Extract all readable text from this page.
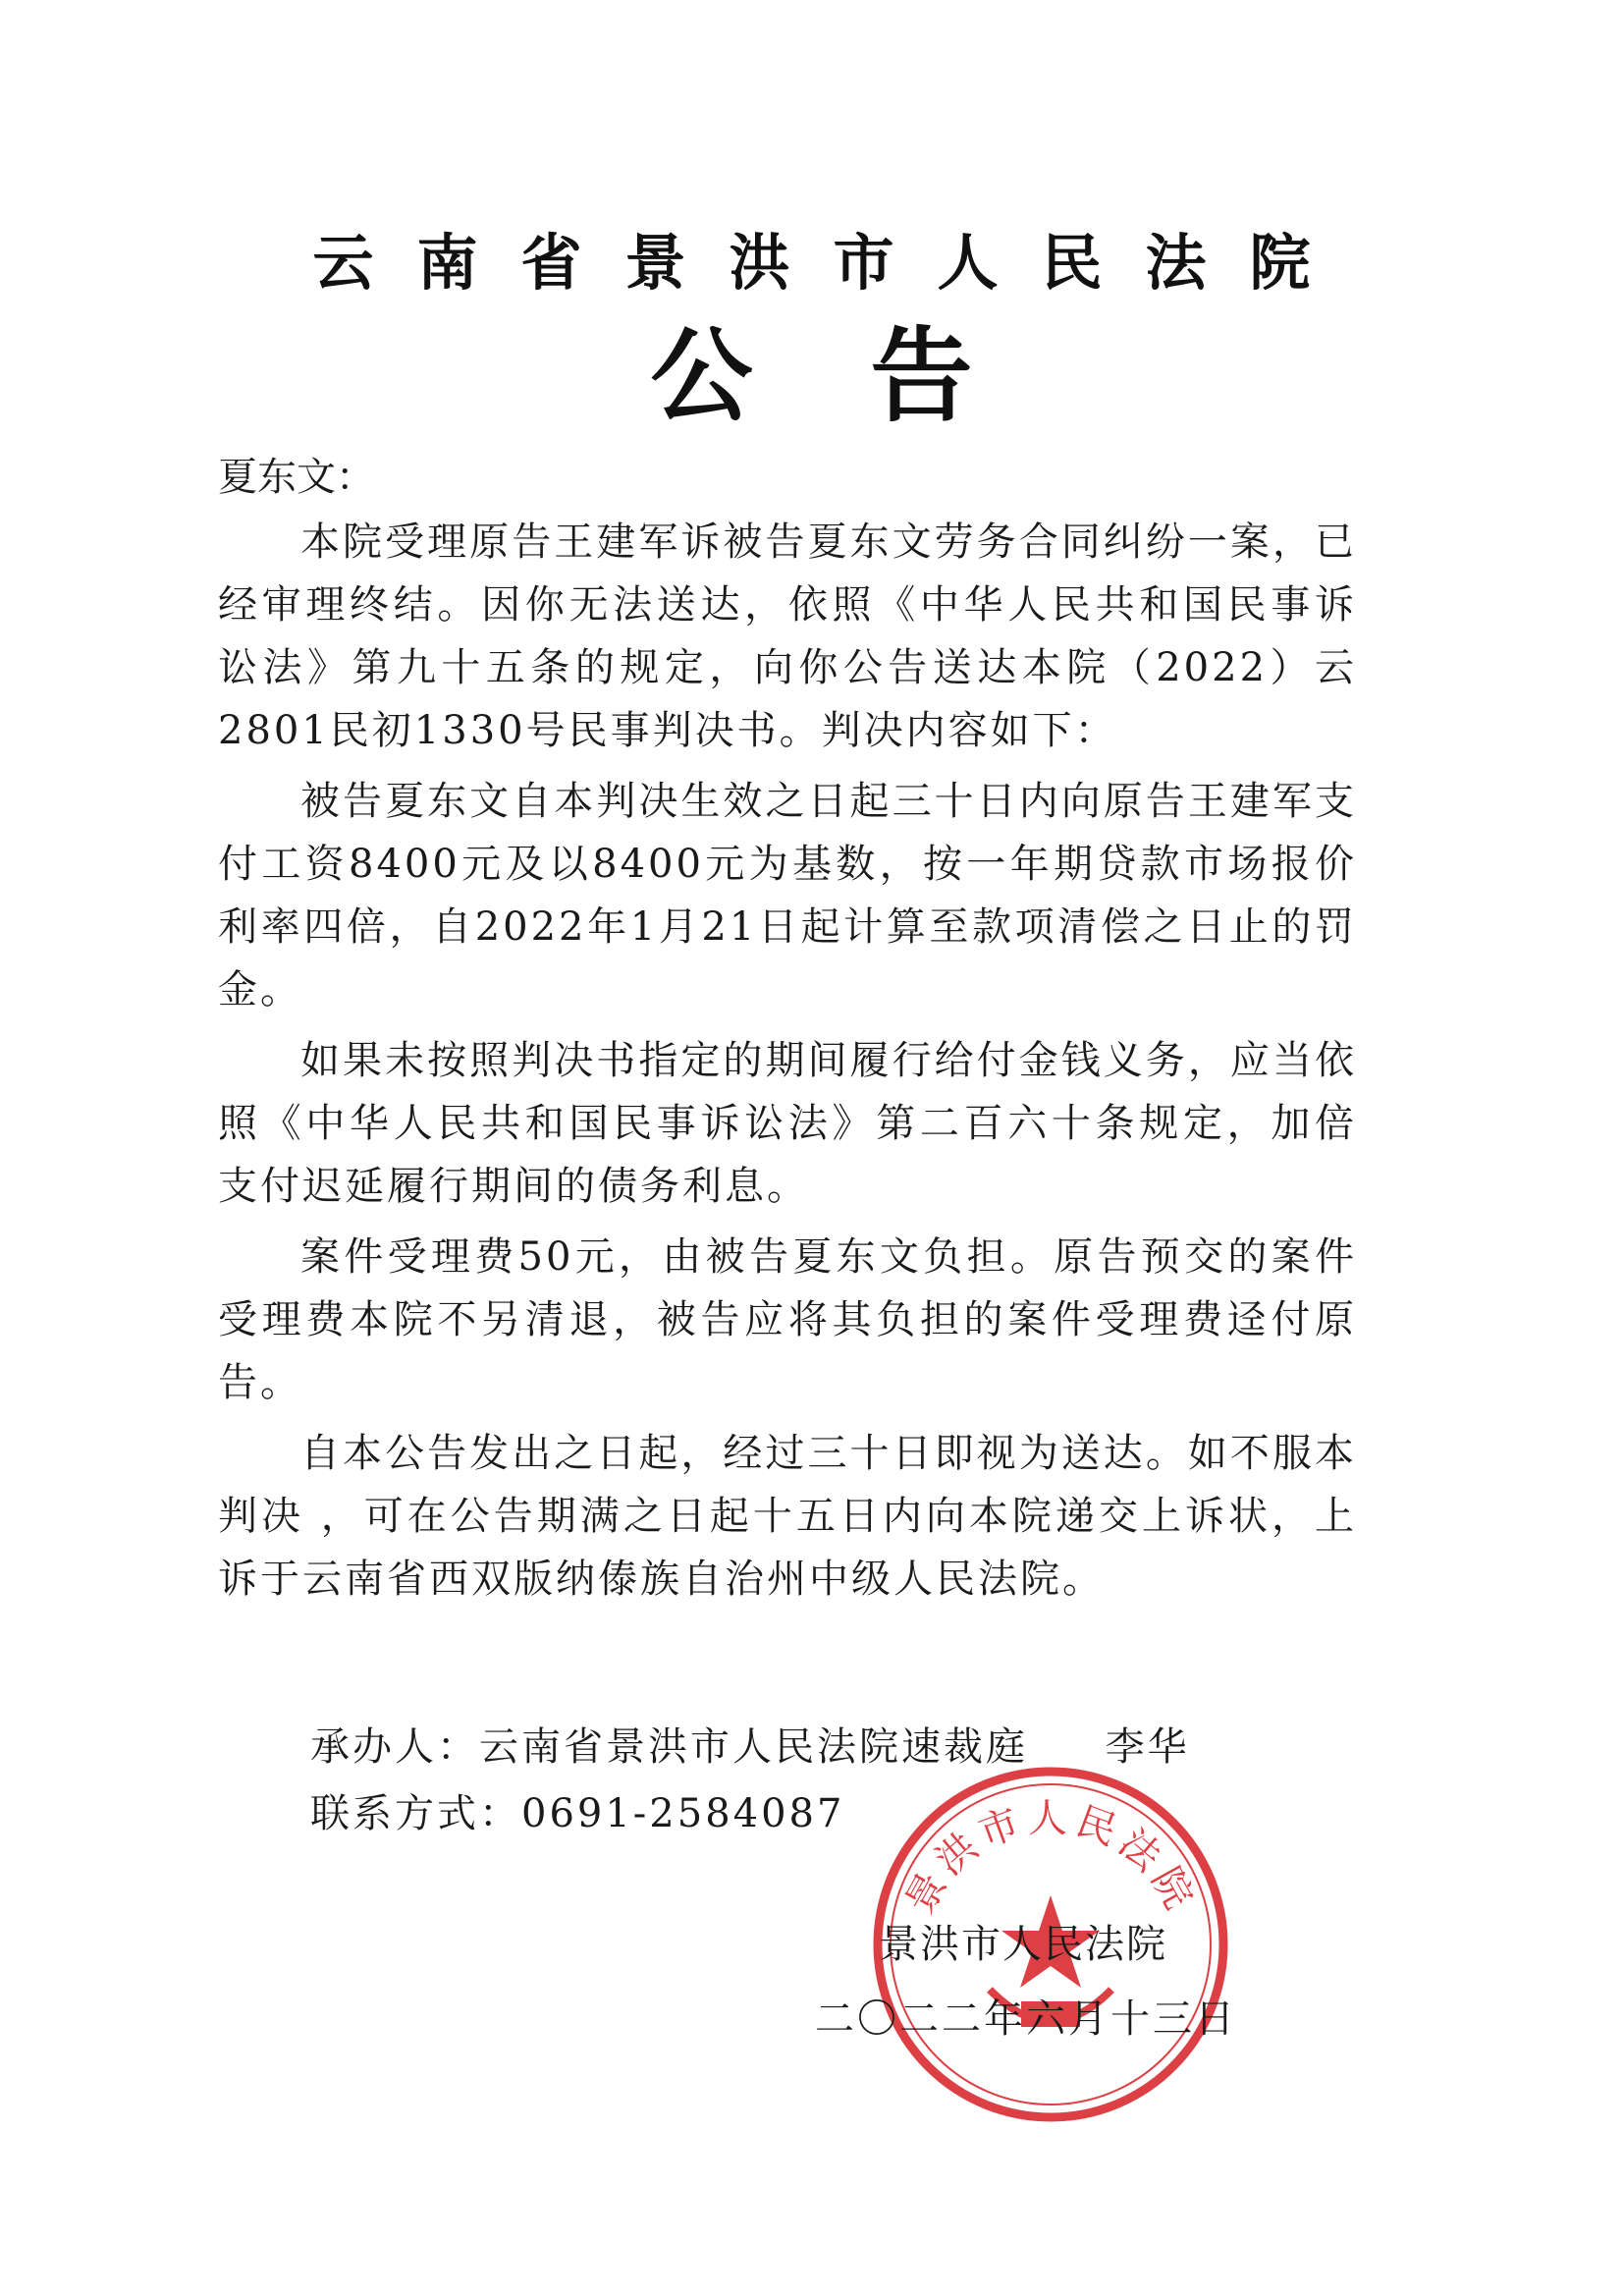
云南省景洪市人民法院
公告
夏东文：

本院受理原告王建军诉被告夏东文劳务合同纠纷一案，已经审理终结。因你无法送达，依照《中华人民共和国民事诉讼法》第九十五条的规定，向你公告送达本院（2022）云2801民初1330号民事判决书。判决内容如下：

被告夏东文自本判决生效之日起三十日内向原告王建军支付工资8400元及以8400元为基数，按一年期贷款市场报价利率四倍，自2022年1月21日起计算至款项清偿之日止的罚金。

如果未按照判决书指定的期间履行给付金钱义务，应当依照《中华人民共和国民事诉讼法》第二百六十条规定，加倍支付迟延履行期间的债务利息。

案件受理费50元，由被告夏东文负担。原告预交的案件受理费本院不另清退，被告应将其负担的案件受理费迳付原告。

自本公告发出之日起，经过三十日即视为送达。如不服本判决 ，可在公告期满之日起十五日内向本院递交上诉状，上诉于云南省西双版纳傣族自治州中级人民法院。

承办人：云南省景洪市人民法院速裁庭     李华
联系方式：0691-2584087
景洪市人民法院
景洪市人民法院
二〇二二年六月十三日
